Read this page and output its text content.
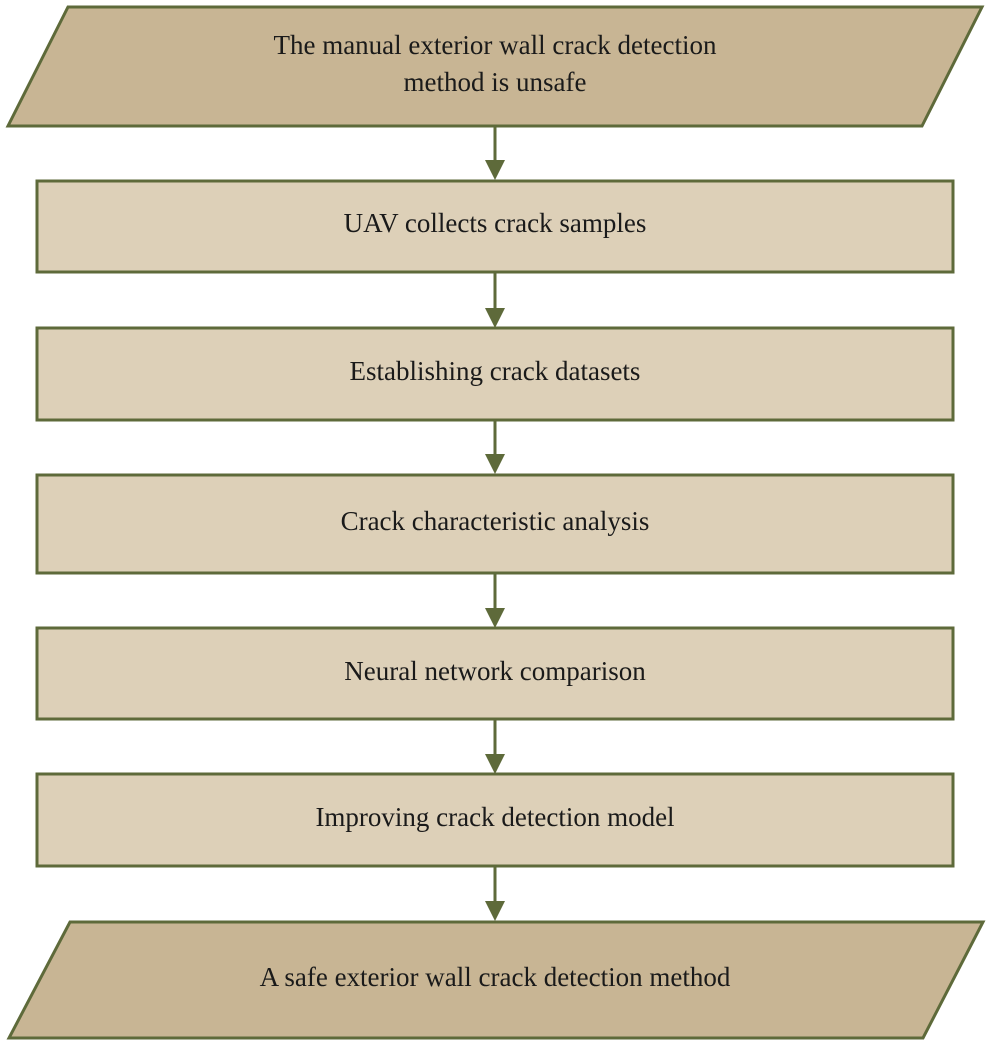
The manual exterior wall crack detection
method is unsafe
UAV collects crack samples
Establishing crack datasets
Crack characteristic analysis
Neural network comparison
Improving crack detection model
A safe exterior wall crack detection method
